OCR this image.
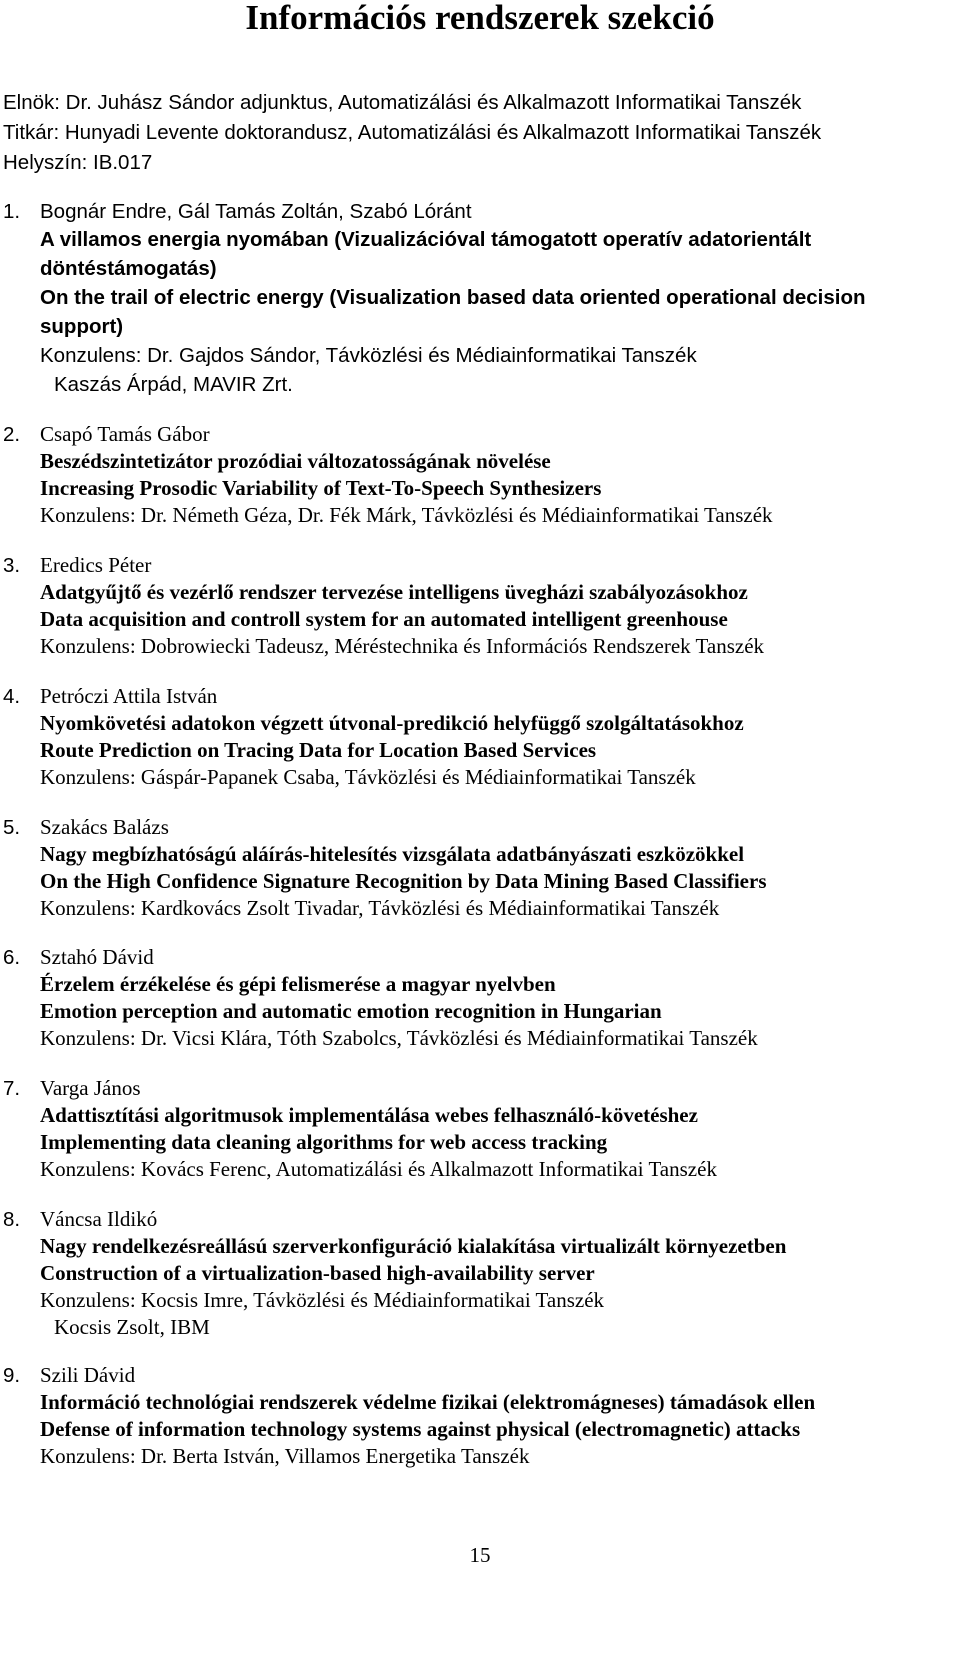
Információs rendszerek szekció
Elnök: Dr. Juhász Sándor adjunktus, Automatizálási és Alkalmazott Informatikai Tanszék
Titkár: Hunyadi Levente doktorandusz, Automatizálási és Alkalmazott Informatikai Tanszék
Helyszín: IB.017
1. Bognár Endre, Gál Tamás Zoltán, Szabó Lóránt
A villamos energia nyomában (Vizualizációval támogatott operatív adatorientált
döntéstámogatás)
On the trail of electric energy (Visualization based data oriented operational decision
support)
Konzulens: Dr. Gajdos Sándor, Távközlési és Médiainformatikai Tanszék
Kaszás Árpád, MAVIR Zrt.
2. Csapó Tamás Gábor
Beszédszintetizátor prozódiai változatosságának növelése
Increasing Prosodic Variability of Text-To-Speech Synthesizers
Konzulens: Dr. Németh Géza, Dr. Fék Márk, Távközlési és Médiainformatikai Tanszék
3. Eredics Péter
Adatgyűjtő és vezérlő rendszer tervezése intelligens üvegházi szabályozásokhoz
Data acquisition and controll system for an automated intelligent greenhouse
Konzulens: Dobrowiecki Tadeusz, Méréstechnika és Információs Rendszerek Tanszék
4. Petróczi Attila István
Nyomkövetési adatokon végzett útvonal-predikció helyfüggő szolgáltatásokhoz
Route Prediction on Tracing Data for Location Based Services
Konzulens: Gáspár-Papanek Csaba, Távközlési és Médiainformatikai Tanszék
5. Szakács Balázs
Nagy megbízhatóságú aláírás-hitelesítés vizsgálata adatbányászati eszközökkel
On the High Confidence Signature Recognition by Data Mining Based Classifiers
Konzulens: Kardkovács Zsolt Tivadar, Távközlési és Médiainformatikai Tanszék
6. Sztahó Dávid
Érzelem érzékelése és gépi felismerése a magyar nyelvben
Emotion perception and automatic emotion recognition in Hungarian
Konzulens: Dr. Vicsi Klára, Tóth Szabolcs, Távközlési és Médiainformatikai Tanszék
7. Varga János
Adattisztítási algoritmusok implementálása webes felhasználó-követéshez
Implementing data cleaning algorithms for web access tracking
Konzulens: Kovács Ferenc, Automatizálási és Alkalmazott Informatikai Tanszék
8. Váncsa Ildikó
Nagy rendelkezésreállású szerverkonfiguráció kialakítása virtualizált környezetben
Construction of a virtualization-based high-availability server
Konzulens: Kocsis Imre, Távközlési és Médiainformatikai Tanszék
Kocsis Zsolt, IBM
9. Szili Dávid
Információ technológiai rendszerek védelme fizikai (elektromágneses) támadások ellen
Defense of information technology systems against physical (electromagnetic) attacks
Konzulens: Dr. Berta István, Villamos Energetika Tanszék
15
